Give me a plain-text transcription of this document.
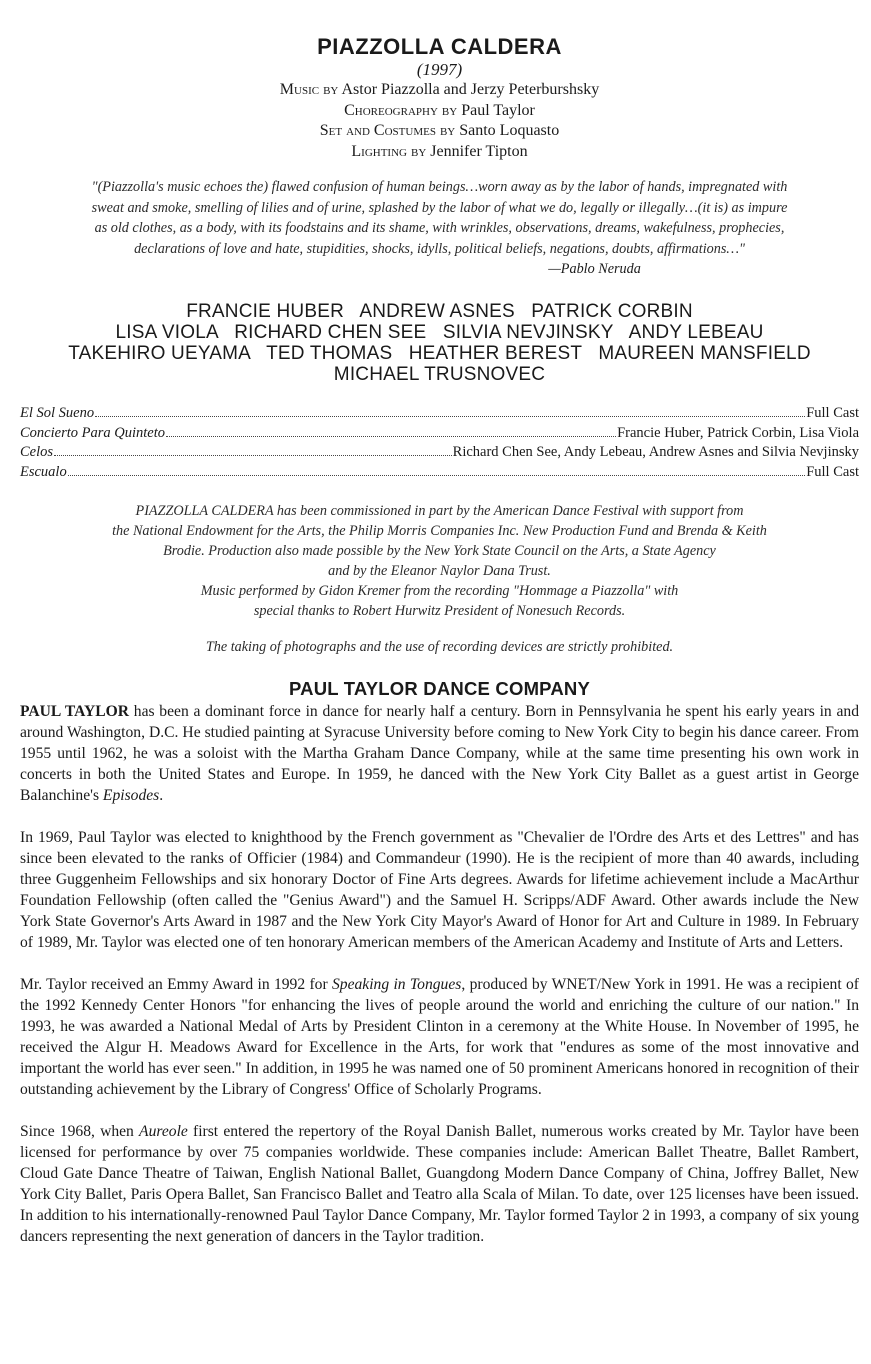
PIAZZOLLA CALDERA
(1997)
Music by Astor Piazzolla and Jerzy Peterburshsky
Choreography by Paul Taylor
Set and Costumes by Santo Loquasto
Lighting by Jennifer Tipton
"(Piazzolla's music echoes the) flawed confusion of human beings…worn away as by the labor of hands, impregnated with
sweat and smoke, smelling of lilies and of urine, splashed by the labor of what we do, legally or illegally…(it is) as impure
as old clothes, as a body, with its foodstains and its shame, with wrinkles, observations, dreams, wakefulness, prophecies,
declarations of love and hate, stupidities, shocks, idylls, political beliefs, negations, doubts, affirmations…"
—Pablo Neruda
FRANCIE HUBER   ANDREW ASNES   PATRICK CORBIN
LISA VIOLA   RICHARD CHEN SEE   SILVIA NEVJINSKY   ANDY LEBEAU
TAKEHIRO UEYAMA   TED THOMAS   HEATHER BEREST   MAUREEN MANSFIELD
MICHAEL TRUSNOVEC
El Sol Sueno	Full Cast
Concierto Para Quinteto	Francie Huber, Patrick Corbin, Lisa Viola
Celos	Richard Chen See, Andy Lebeau, Andrew Asnes and Silvia Nevjinsky
Escualo	Full Cast
PIAZZOLLA CALDERA has been commissioned in part by the American Dance Festival with support from
the National Endowment for the Arts, the Philip Morris Companies Inc. New Production Fund and Brenda & Keith
Brodie. Production also made possible by the New York State Council on the Arts, a State Agency
and by the Eleanor Naylor Dana Trust.
Music performed by Gidon Kremer from the recording "Hommage a Piazzolla" with
special thanks to Robert Hurwitz President of Nonesuch Records.
The taking of photographs and the use of recording devices are strictly prohibited.
PAUL TAYLOR DANCE COMPANY

PAUL TAYLOR has been a dominant force in dance for nearly half a century. Born in Pennsylvania he spent his early years in and around Washington, D.C. He studied painting at Syracuse University before coming to New York City to begin his dance career. From 1955 until 1962, he was a soloist with the Martha Graham Dance Company, while at the same time presenting his own work in concerts in both the United States and Europe. In 1959, he danced with the New York City Ballet as a guest artist in George Balanchine's Episodes.

In 1969, Paul Taylor was elected to knighthood by the French government as "Chevalier de l'Ordre des Arts et des Lettres" and has since been elevated to the ranks of Officier (1984) and Commandeur (1990). He is the recipient of more than 40 awards, including three Guggenheim Fellowships and six honorary Doctor of Fine Arts degrees. Awards for lifetime achievement include a MacArthur Foundation Fellowship (often called the "Genius Award") and the Samuel H. Scripps/ADF Award. Other awards include the New York State Governor's Arts Award in 1987 and the New York City Mayor's Award of Honor for Art and Culture in 1989. In February of 1989, Mr. Taylor was elected one of ten honorary American members of the American Academy and Institute of Arts and Letters.

Mr. Taylor received an Emmy Award in 1992 for Speaking in Tongues, produced by WNET/New York in 1991. He was a recipient of the 1992 Kennedy Center Honors "for enhancing the lives of people around the world and enriching the culture of our nation." In 1993, he was awarded a National Medal of Arts by President Clinton in a ceremony at the White House. In November of 1995, he received the Algur H. Meadows Award for Excellence in the Arts, for work that "endures as some of the most innovative and important the world has ever seen." In addition, in 1995 he was named one of 50 prominent Americans honored in recognition of their outstanding achievement by the Library of Congress' Office of Scholarly Programs.

Since 1968, when Aureole first entered the repertory of the Royal Danish Ballet, numerous works created by Mr. Taylor have been licensed for performance by over 75 companies worldwide. These companies include: American Ballet Theatre, Ballet Rambert, Cloud Gate Dance Theatre of Taiwan, English National Ballet, Guangdong Modern Dance Company of China, Joffrey Ballet, New York City Ballet, Paris Opera Ballet, San Francisco Ballet and Teatro alla Scala of Milan. To date, over 125 licenses have been issued. In addition to his internationally-renowned Paul Taylor Dance Company, Mr. Taylor formed Taylor 2 in 1993, a company of six young dancers representing the next generation of dancers in the Taylor tradition.
